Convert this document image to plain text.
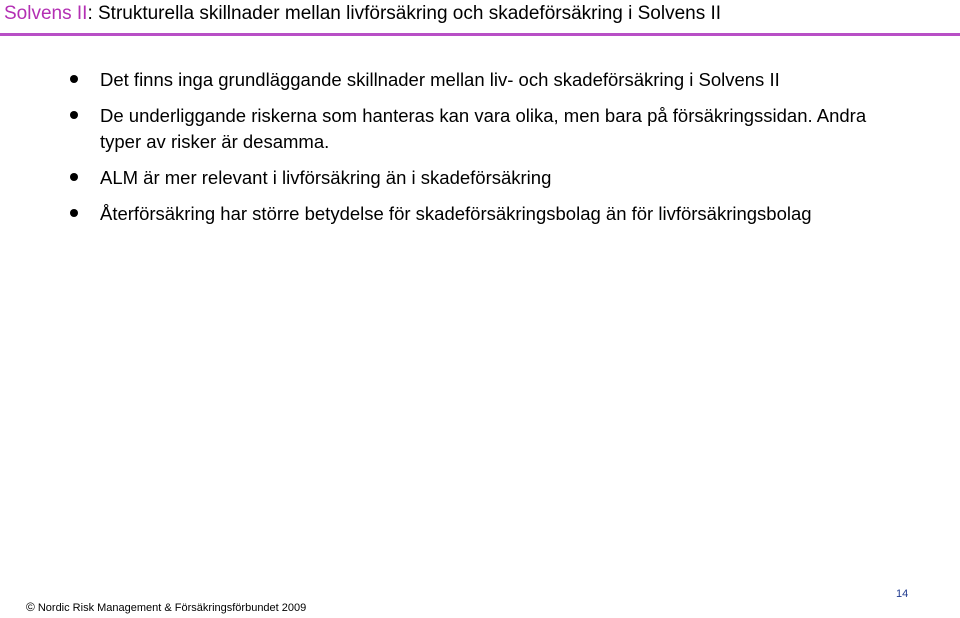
Solvens II: Strukturella skillnader mellan livförsäkring och skadeförsäkring i Solvens II
Det finns inga grundläggande skillnader mellan liv- och skadeförsäkring i Solvens II
De underliggande riskerna som hanteras kan vara olika, men bara på försäkringssidan. Andra typer av risker är desamma.
ALM är mer relevant i livförsäkring än i skadeförsäkring
Återförsäkring har större betydelse för skadeförsäkringsbolag än för livförsäkringsbolag
14
© Nordic Risk Management & Försäkringsförbundet 2009
